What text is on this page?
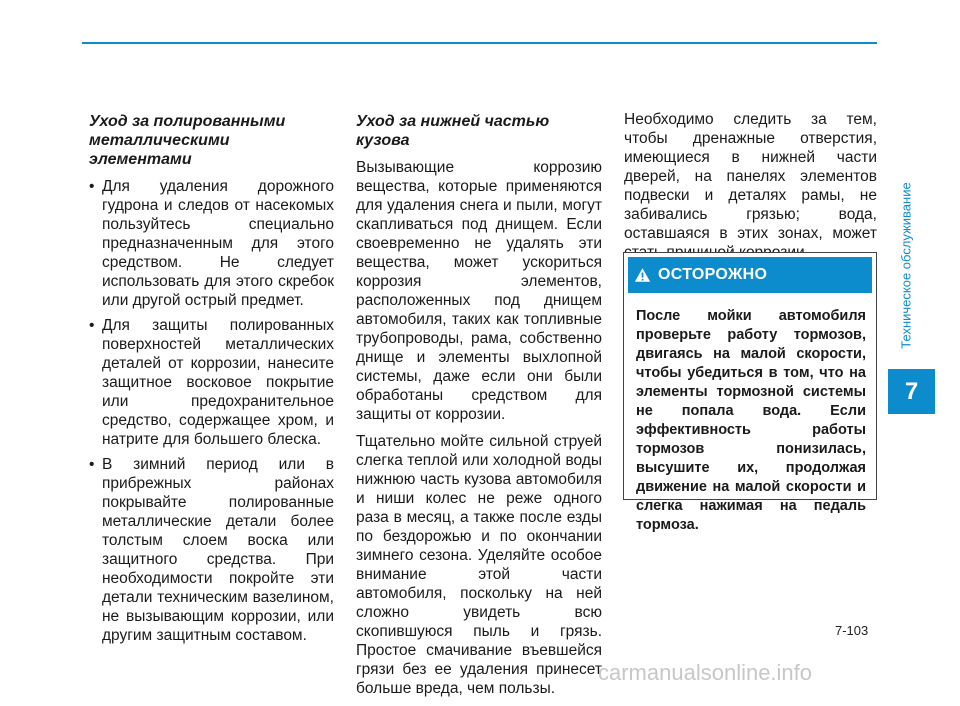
Уход за полированными металлическими элементами
• Для удаления дорожного гудрона и следов от насекомых пользуйтесь специально предназначенным для этого средством. Не следует использовать для этого скребок или другой острый предмет.
• Для защиты полированных поверхностей металлических деталей от коррозии, нанесите защитное восковое покрытие или предохранительное средство, содержащее хром, и натрите для большего блеска.
• В зимний период или в прибрежных районах покрывайте полированные металлические детали более толстым слоем воска или защитного средства. При необходимости покройте эти детали техническим вазелином, не вызывающим коррозии, или другим защитным составом.
Уход за нижней частью кузова

Вызывающие коррозию вещества, которые применяются для удаления снега и пыли, могут скапливаться под днищем. Если своевременно не удалять эти вещества, может ускориться коррозия элементов, расположенных под днищем автомобиля, таких как топливные трубопроводы, рама, собственно днище и элементы выхлопной системы, даже если они были обработаны средством для защиты от коррозии.

Тщательно мойте сильной струей слегка теплой или холодной воды нижнюю часть кузова автомобиля и ниши колес не реже одного раза в месяц, а также после езды по бездорожью и по окончании зимнего сезона. Уделяйте особое внимание этой части автомобиля, поскольку на ней сложно увидеть всю скопившуюся пыль и грязь. Простое смачивание въевшейся грязи без ее удаления принесет больше вреда, чем пользы.

Необходимо следить за тем, чтобы дренажные отверстия, имеющиеся в нижней части дверей, на панелях элементов подвески и деталях рамы, не забивались грязью; вода, оставшаяся в этих зонах, может

ОСТОРОЖНО
После мойки автомобиля проверьте работу тормозов, двигаясь на малой скорости, чтобы убедиться в том, что на элементы тормозной системы не попала вода. Если эффективность работы тормозов понизилась, высушите их, продолжая движение на малой скорости и слегка нажимая на педаль тормоза.
Техническое обслуживание
7
7-103
carmanualsonline.info
